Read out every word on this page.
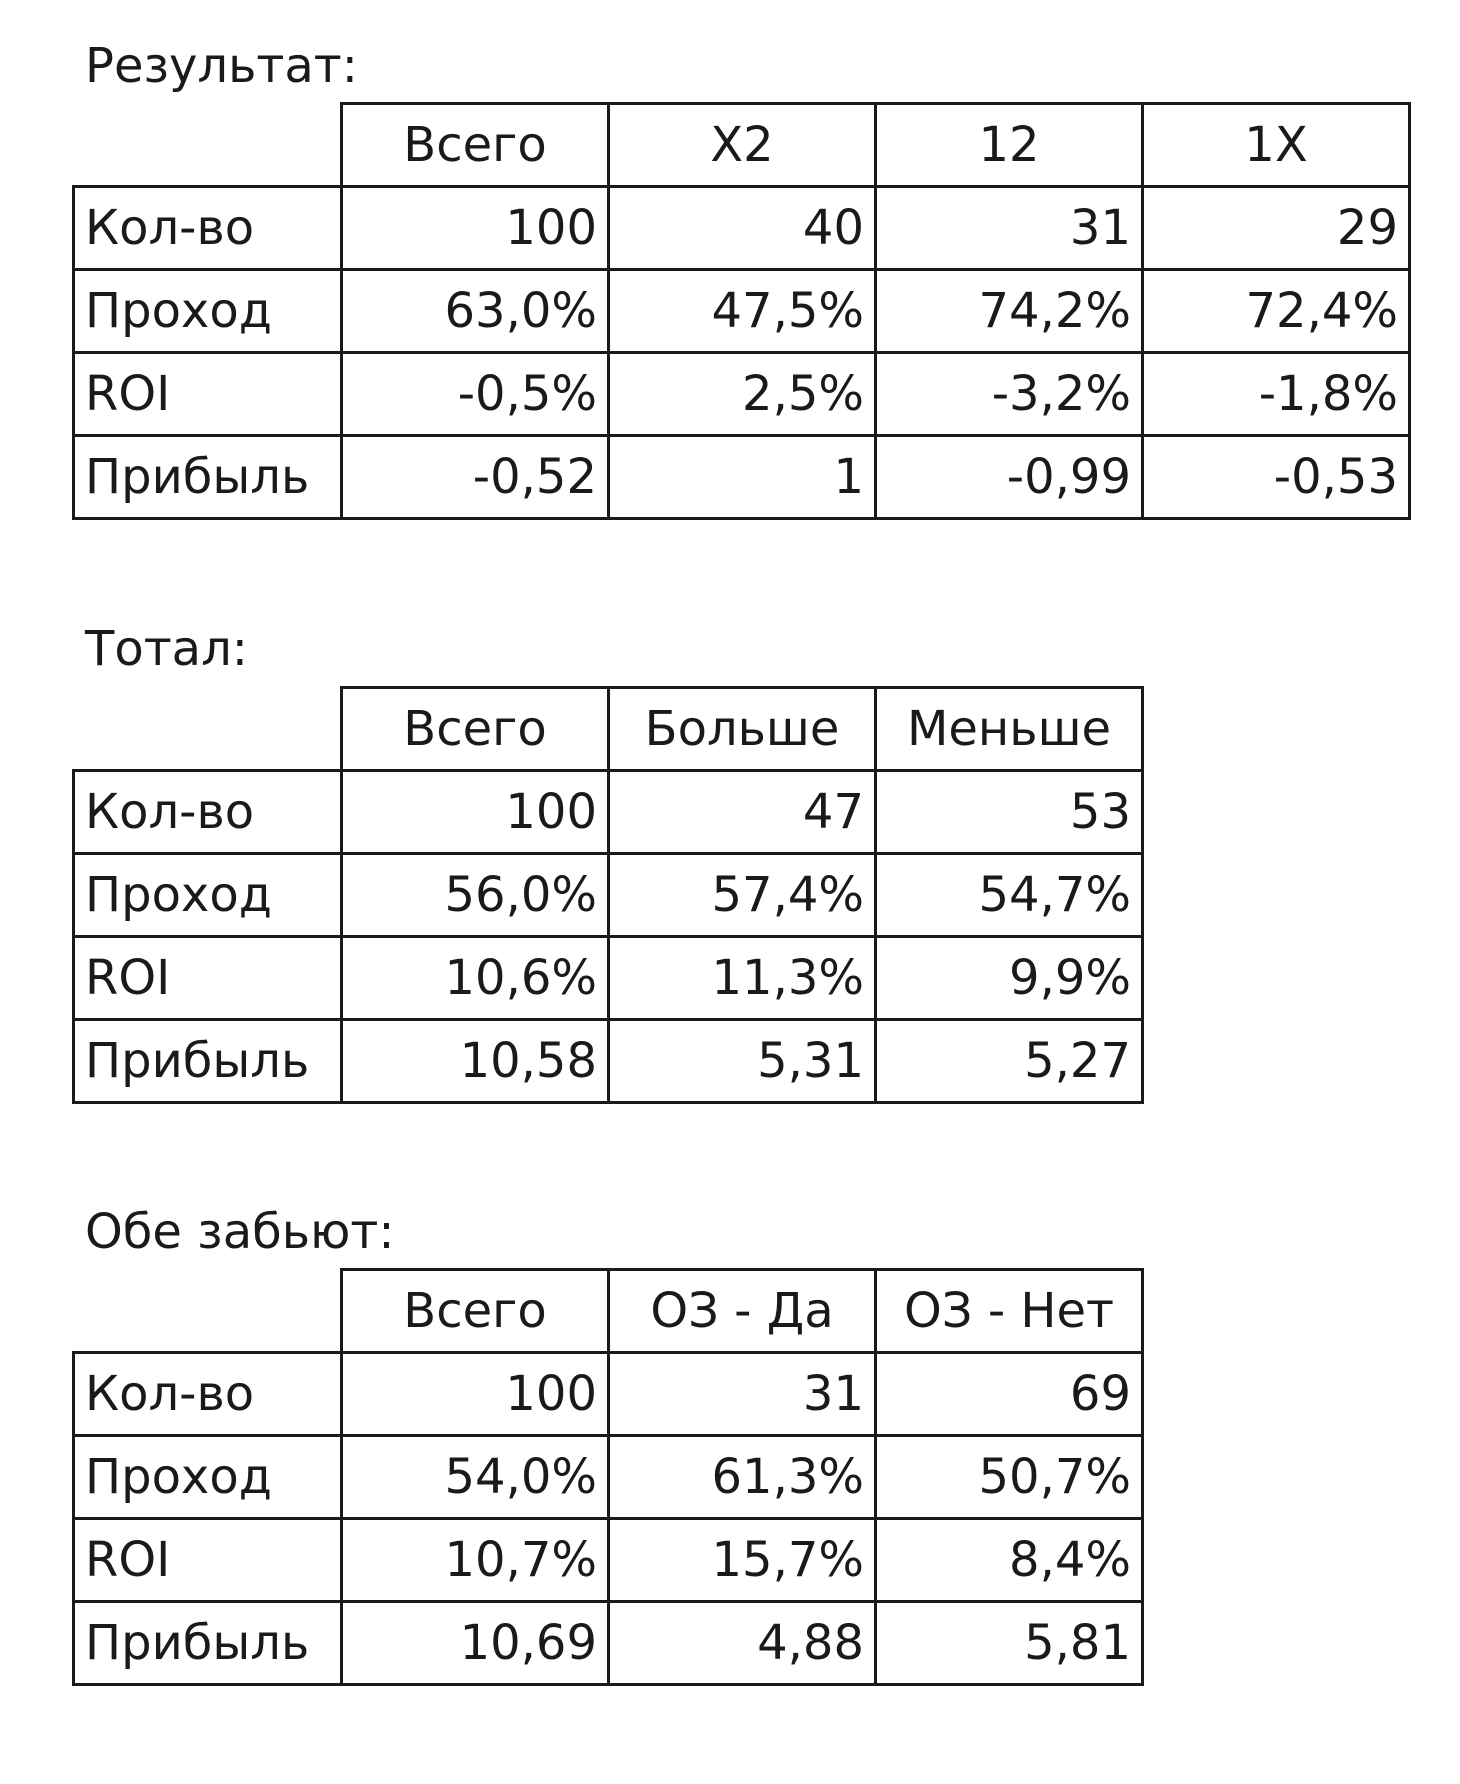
Результат:
	Всего	X2	12	1X
Кол-во	100	40	31	29
Проход	63,0%	47,5%	74,2%	72,4%
ROI	-0,5%	2,5%	-3,2%	-1,8%
Прибыль	-0,52	1	-0,99	-0,53
Тотал:
	Всего	Больше	Меньше
Кол-во	100	47	53
Проход	56,0%	57,4%	54,7%
ROI	10,6%	11,3%	9,9%
Прибыль	10,58	5,31	5,27
Обе забьют:
	Всего	ОЗ - Да	ОЗ - Нет
Кол-во	100	31	69
Проход	54,0%	61,3%	50,7%
ROI	10,7%	15,7%	8,4%
Прибыль	10,69	4,88	5,81
